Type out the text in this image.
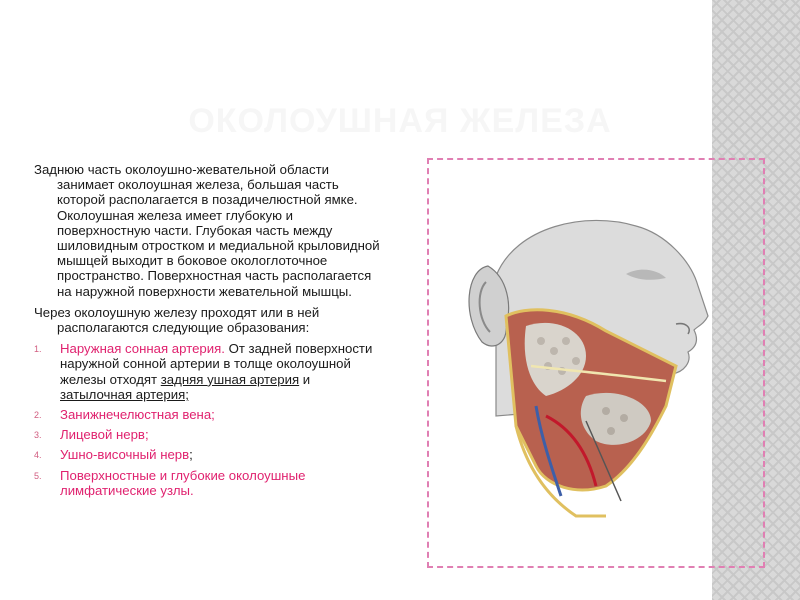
ОКОЛОУШНАЯ ЖЕЛЕЗА

Заднюю часть околоушно-жевательной области занимает околоушная железа, большая часть которой располагается в позадичелюстной ямке. Околоушная железа имеет глубокую и поверхностную части. Глубокая часть между шиловидным отростком и медиальной крыловидной мышцей выходит в боковое окологлоточное пространство. Поверхностная часть располагается на наружной поверхности жевательной мышцы.

Через околоушную железу проходят или в ней располагаются следующие образования:

1. Наружная сонная артерия. От задней поверхности наружной сонной артерии в толще околоушной железы отходят задняя ушная артерия и затылочная артерия;
2. Занижнечелюстная вена;
3. Лицевой нерв;
4. Ушно-височный нерв;
5. Поверхностные и глубокие околоушные лимфатические узлы.
